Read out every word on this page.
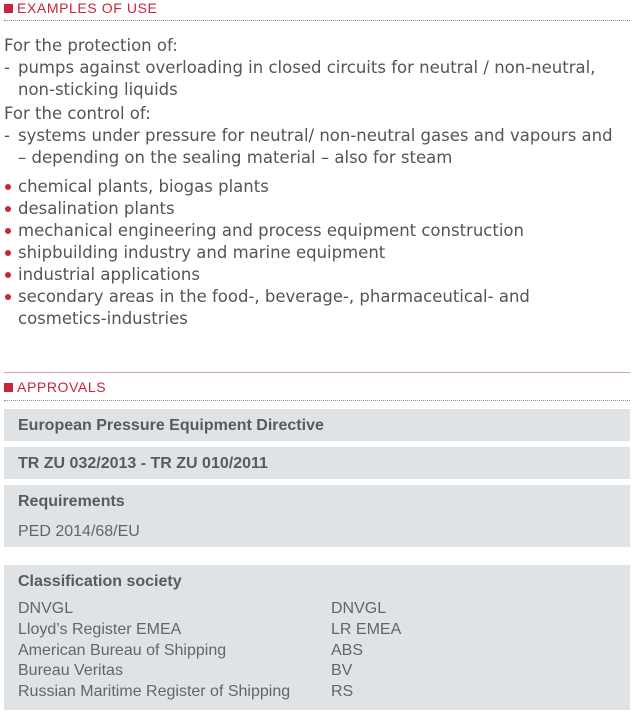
EXAMPLES OF USE
For the protection of:
- pumps against overloading in closed circuits for neutral / non-neutral,
non-sticking liquids
For the control of:
- systems under pressure for neutral/ non-neutral gases and vapours and
– depending on the sealing material – also for steam
chemical plants, biogas plants
desalination plants
mechanical engineering and process equipment construction
shipbuilding industry and marine equipment
industrial applications
secondary areas in the food-, beverage-, pharmaceutical- and
cosmetics-industries
APPROVALS
European Pressure Equipment Directive
TR ZU 032/2013 - TR ZU 010/2011
Requirements
PED 2014/68/EU
Classification society
DNVGL	DNVGL
Lloyd’s Register EMEA	LR EMEA
American Bureau of Shipping	ABS
Bureau Veritas	BV
Russian Maritime Register of Shipping	RS
